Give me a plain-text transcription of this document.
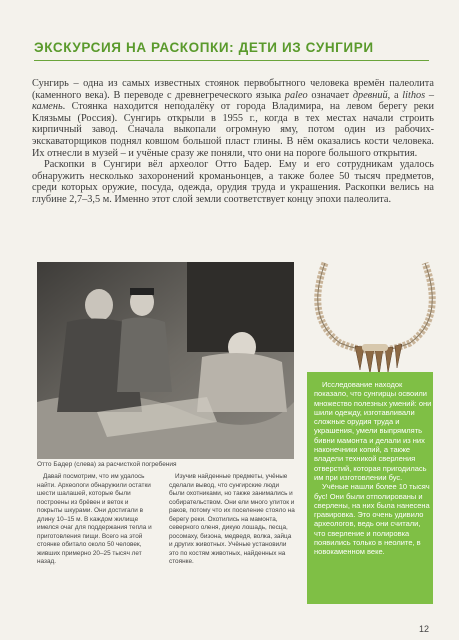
ЭКСКУРСИЯ НА РАСКОПКИ: ДЕТИ ИЗ СУНГИРИ

Сунгирь – одна из самых известных стоянок первобытного человека времён палеолита (каменного века). В переводе с древнегреческого языка paleo означает древний, а lithos – камень. Стоянка находится неподалёку от города Владимира, на левом берегу реки Клязьмы (Россия). Сунгирь открыли в 1955 г., когда в тех местах начали строить кирпичный завод. Сначала выкопали огромную яму, потом один из рабочих-экскаваторщиков поднял ковшом большой пласт глины. В нём оказались кости человека. Их отнесли в музей – и учёные сразу же поняли, что они на пороге большого открытия.

Раскопки в Сунгири вёл археолог Отто Бадер. Ему и его сотрудникам удалось обнаружить несколько захоронений кроманьонцев, а также более 50 тысяч предметов, среди которых оружие, посуда, одежда, орудия труда и украшения. Раскопки велись на глубине 2,7–3,5 м. Именно этот слой земли соответствует концу эпохи палеолита.

Отто Бадер (слева) за расчисткой погребения

Исследование находок показало, что сунгирцы освоили множество полезных умений: они шили одежду, изготавливали сложные орудия труда и украшения, умели выпрямлять бивни мамонта и делали из них наконечники копий, а также владели техникой сверления отверстий, которая пригодилась им при изготовлении бус.

Учёные нашли более 10 тысяч бус! Они были отполированы и сверлены, на них была нанесена гравировка. Это очень удивило археологов, ведь они считали, что сверление и полировка появились только в неолите, в новокаменном веке.

Давай посмотрим, что им удалось найти. Археологи обнаружили остатки шести шалашей, которые были построены из брёвен и веток и покрыты шкурами. Они достигали в длину 10–15 м. В каждом жилище имелся очаг для поддержания тепла и приготовления пищи. Всего на этой стоянке обитало около 50 человек, живших примерно 20–25 тысяч лет назад.

Изучив найденные предметы, учёные сделали вывод, что сунгирские люди были охотниками, но также занимались и собирательством. Они ели много улиток и раков, потому что их поселение стояло на берегу реки. Охотились на мамонта, северного оленя, дикую лошадь, песца, росомаху, бизона, медведя, волка, зайца и других животных. Учёные установили это по костям животных, найденных на стоянке.

12
